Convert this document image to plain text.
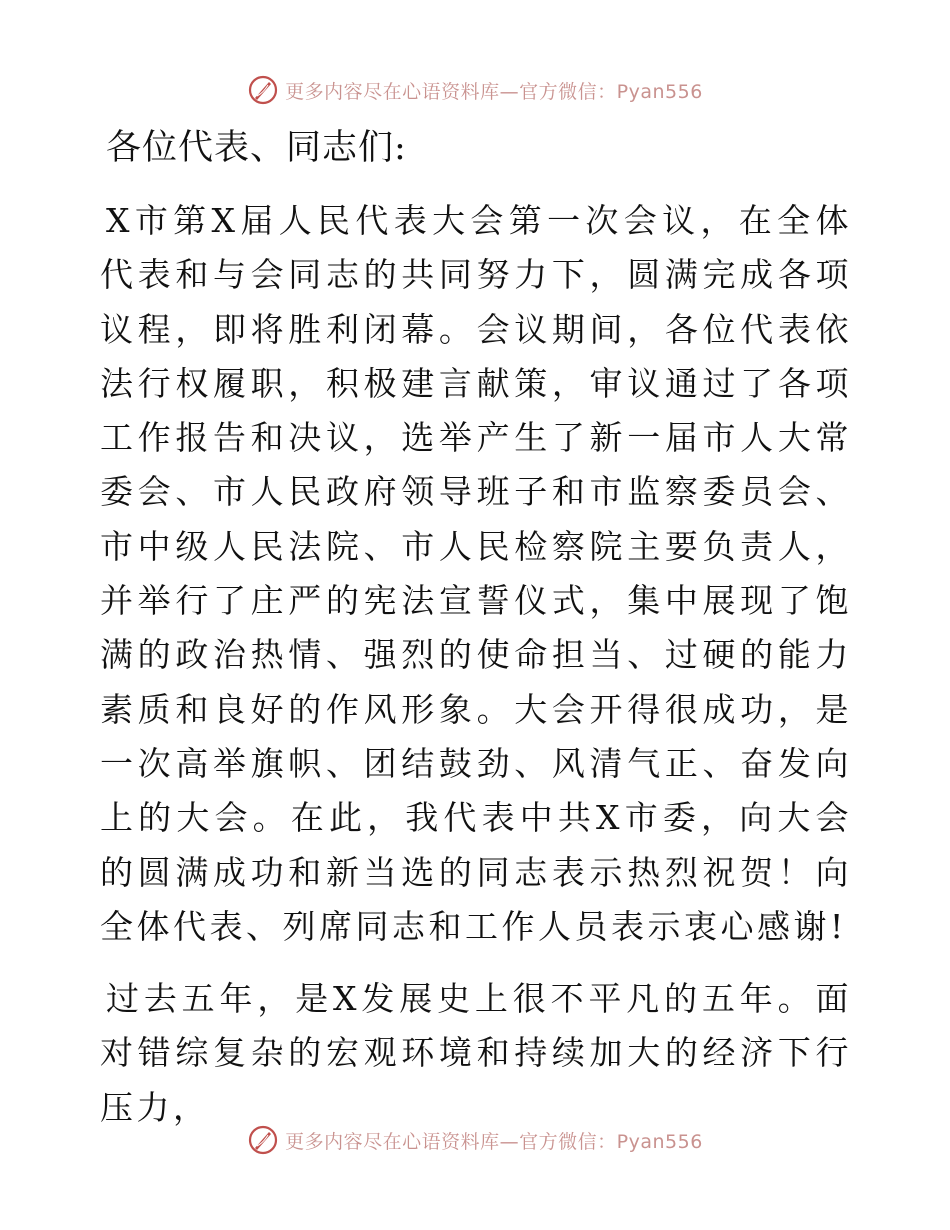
更多内容尽在心语资料库—官方微信：Pyan556
各位代表、同志们:

X市第X届人民代表大会第一次会议，在全体代表和与会同志的共同努力下，圆满完成各项议程，即将胜利闭幕。会议期间，各位代表依法行权履职，积极建言献策，审议通过了各项工作报告和决议，选举产生了新一届市人大常委会、市人民政府领导班子和市监察委员会、市中级人民法院、市人民检察院主要负责人，并举行了庄严的宪法宣誓仪式，集中展现了饱满的政治热情、强烈的使命担当、过硬的能力素质和良好的作风形象。大会开得很成功，是一次高举旗帜、团结鼓劲、风清气正、奋发向上的大会。在此，我代表中共X市委，向大会的圆满成功和新当选的同志表示热烈祝贺！向全体代表、列席同志和工作人员表示衷心感谢!

过去五年，是X发展史上很不平凡的五年。面对错综复杂的宏观环境和持续加大的经济下行压力，

更多内容尽在心语资料库—官方微信：Pyan556
